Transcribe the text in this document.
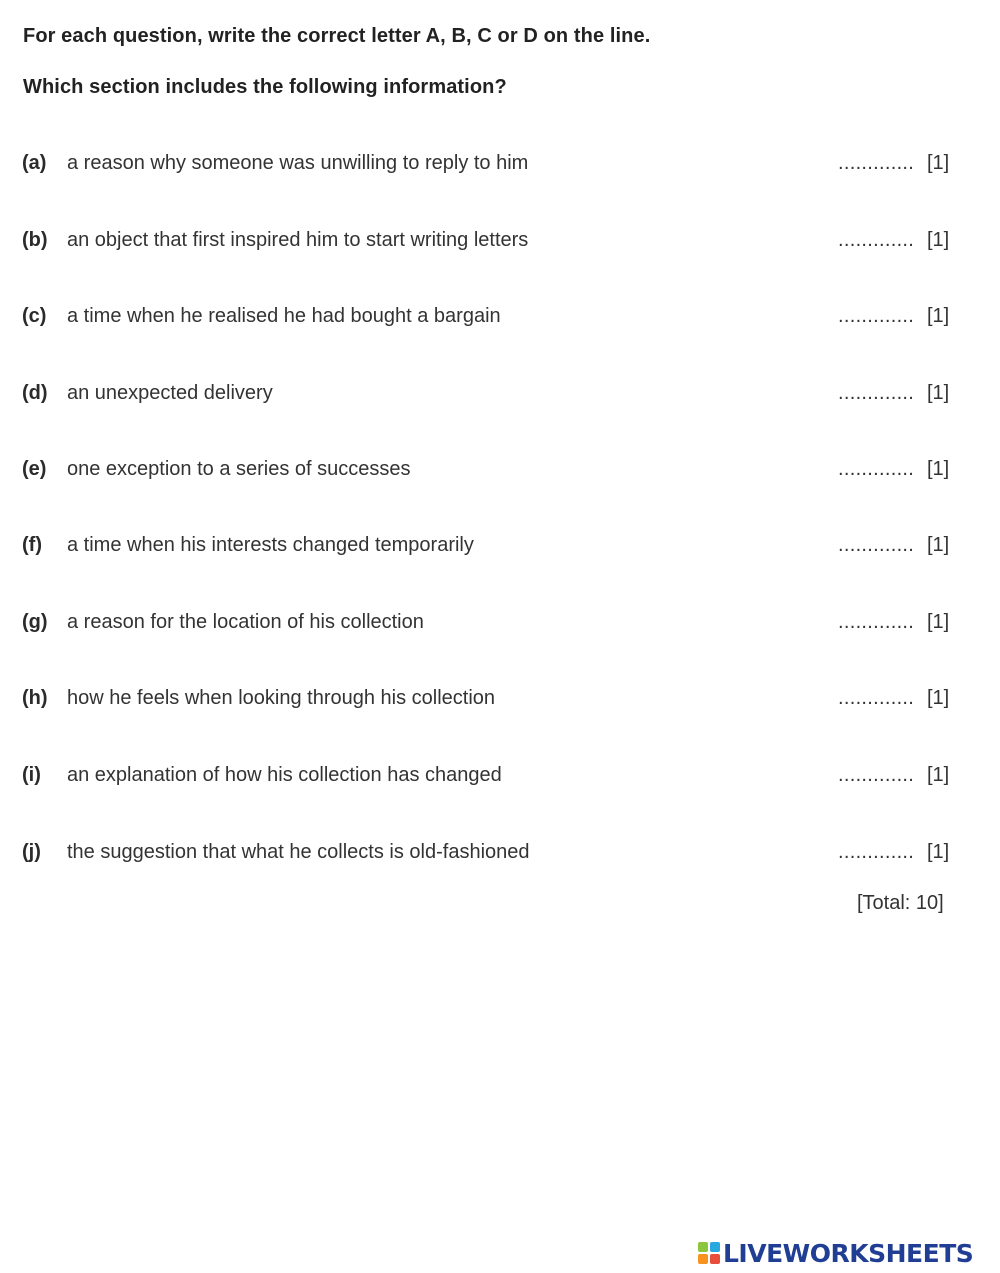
For each question, write the correct letter A, B, C or D on the line.
Which section includes the following information?
(a) a reason why someone was unwilling to reply to him	............. [1]
(b) an object that first inspired him to start writing letters	............. [1]
(c) a time when he realised he had bought a bargain	............. [1]
(d) an unexpected delivery	............. [1]
(e) one exception to a series of successes	............. [1]
(f) a time when his interests changed temporarily	............. [1]
(g) a reason for the location of his collection	............. [1]
(h) how he feels when looking through his collection	............. [1]
(i) an explanation of how his collection has changed	............. [1]
(j) the suggestion that what he collects is old-fashioned	............. [1]
[Total: 10]
LIVEWORKSHEETS
